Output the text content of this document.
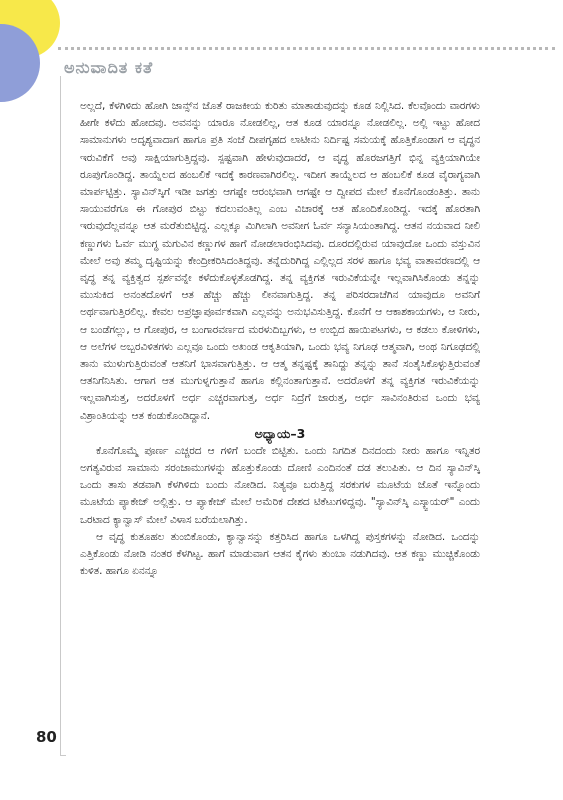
ಅನುವಾದಿತ ಕತೆ

ಅಲ್ಲದೆ, ಕೆಳಗಿಳಿದು ಹೋಗಿ ಜಾನ್ಸ್‌ನ ಜೊತೆ ರಾಜಕೀಯ ಕುರಿತು ಮಾತಾಡುವುದನ್ನು ಕೂಡ ನಿಲ್ಲಿಸಿದ. ಕೆಲವೊಂದು ವಾರಗಳು ಹೀಗೇ ಕಳೆದು ಹೋದವು. ಅವನನ್ನು ಯಾರೂ ನೋಡಲಿಲ್ಲ, ಆತ ಕೂಡ ಯಾರನ್ನೂ ನೋಡಲಿಲ್ಲ. ಅಲ್ಲಿ ಇಟ್ಟು ಹೋದ ಸಾಮಾನುಗಳು ಅದೃಶ್ಯವಾದಾಗ ಹಾಗೂ ಪ್ರತಿ ಸಂಜೆ ದೀಪಗೃಹದ ಲಾಟೀನು ನಿರ್ದಿಷ್ಟ ಸಮಯಕ್ಕೆ ಹೊತ್ತಿಕೊಂಡಾಗ ಆ ವೃದ್ಧನ ಇರುವಿಕೆಗೆ ಅವು ಸಾಕ್ಷಿಯಾಗುತ್ತಿದ್ದವು. ಸ್ಪಷ್ಟವಾಗಿ ಹೇಳುವುದಾದರೆ, ಆ ವೃದ್ಧ ಹೊರಜಗತ್ತಿಗೆ ಭಿನ್ನ ವ್ಯಕ್ತಿಯಾಗಿಯೇ ರೂಪುಗೊಂಡಿದ್ದ. ತಾಯ್ನೆಲದ ಹಂಬಲಿಕೆ ಇದಕ್ಕೆ ಕಾರಣವಾಗಿರಲಿಲ್ಲ. ಇದೀಗ ತಾಯ್ನೆಲದ ಆ ಹಂಬಲಿಕೆ ಕೂಡ ವೈರಾಗ್ಯವಾಗಿ ಮಾರ್ಪಟ್ಟಿತ್ತು. ಸ್ಯಾವಿನ್‌ಸ್ಕಿಗೆ ಇಡೀ ಜಗತ್ತು ಆಗಷ್ಟೇ ಆರಂಭವಾಗಿ ಆಗಷ್ಟೇ ಆ ದ್ವೀಪದ ಮೇಲೆ ಕೊನೆಗೊಂಡಂತಿತ್ತು. ತಾನು ಸಾಯುವರೆಗೂ ಈ ಗೋಪುರ ಬಿಟ್ಟು ಕದಲುವಂತಿಲ್ಲ ಎಂಬ ವಿಚಾರಕ್ಕೆ ಆತ ಹೊಂದಿಕೊಂಡಿದ್ದ. ಇದಕ್ಕೆ ಹೊರತಾಗಿ ಇರುವುದೆಲ್ಲವನ್ನೂ ಆತ ಮರೆತುಬಿಟ್ಟಿದ್ದ. ಎಲ್ಲಕ್ಕೂ ಮಿಗಿಲಾಗಿ ಅವನೀಗ ಓರ್ವ ಸನ್ಯಾಸಿಯಂತಾಗಿದ್ದ. ಆತನ ನಯವಾದ ನೀಲಿ ಕಣ್ಣುಗಳು ಓರ್ವ ಮುಗ್ಧ ಮಗುವಿನ ಕಣ್ಣುಗಳ ಹಾಗೆ ನೋಡಲಾರಂಭಿಸಿದವು. ದೂರದಲ್ಲಿರುವ ಯಾವುದೋ ಒಂದು ವಸ್ತುವಿನ ಮೇಲೆ ಅವು ತಮ್ಮ ದೃಷ್ಟಿಯನ್ನು ಕೇಂದ್ರೀಕರಿಸಿದಂತಿದ್ದವು. ತನ್ನೆದುರಿಗಿದ್ದ ಎಲ್ಲಿಲ್ಲದ ಸರಳ ಹಾಗೂ ಭವ್ಯ ವಾತಾವರಣದಲ್ಲಿ ಆ ವೃದ್ಧ ತನ್ನ ವ್ಯಕ್ತಿತ್ವದ ಸ್ಪರ್ಶವನ್ನೇ ಕಳೆದುಕೊಳ್ಳತೊಡಗಿದ್ದ. ತನ್ನ ವ್ಯಕ್ತಿಗತ ಇರುವಿಕೆಯನ್ನೇ ಇಲ್ಲವಾಗಿಸಿಕೊಂಡು ತನ್ನನ್ನು ಮುಸುಕಿದ ಅನಂತದೊಳಗೆ ಆತ ಹೆಚ್ಚು ಹೆಚ್ಚು ಲೀನವಾಗುತ್ತಿದ್ದ. ತನ್ನ ಪರಿಸರದಾಚೆಗಿನ ಯಾವುದೂ ಅವನಿಗೆ ಅರ್ಥವಾಗುತ್ತಿರಲಿಲ್ಲ. ಕೇವಲ ಅಪ್ರಜ್ಞಾಪೂರ್ವಕವಾಗಿ ಎಲ್ಲವನ್ನು ಅನುಭವಿಸುತ್ತಿದ್ದ. ಕೊನೆಗೆ ಆ ಆಕಾಶಕಾಯಗಳು, ಆ ನೀರು, ಆ ಬಂಡೆಗಲ್ಲು, ಆ ಗೋಪುರ, ಆ ಬಂಗಾರವರ್ಣದ ಮರಳುದಿಬ್ಬಗಳು, ಆ ಉಬ್ಬಿದ ಹಾಯಿಪಟಗಳು, ಆ ಕಡಲು ಕೋಳಿಗಳು, ಆ ಅಲೆಗಳ ಅಬ್ಬರವಿಳಿತಗಳು ಎಲ್ಲವೂ ಒಂದು ಅಖಂಡ ಆಕೃತಿಯಾಗಿ, ಒಂದು ಭವ್ಯ ನಿಗೂಢ ಆತ್ಮವಾಗಿ, ಅಂಥ ನಿಗೂಢದಲ್ಲಿ ತಾನು ಮುಳುಗುತ್ತಿರುವಂತೆ ಆತನಿಗೆ ಭಾಸವಾಗುತ್ತಿತ್ತು. ಆ ಆತ್ಮ ತನ್ನಷ್ಟಕ್ಕೆ ತಾನಿದ್ದು ತನ್ನನ್ನು ತಾನೆ ಸಂತೈಸಿಕೊಳ್ಳುತ್ತಿರುವಂತೆ ಆತನಿಗೆನಿಸಿತು. ಆಗಾಗ ಆತ ಮುಗುಳ್ನಗುತ್ತಾನೆ ಹಾಗೂ ಕಲ್ಲಿನಂತಾಗುತ್ತಾನೆ. ಅದರೊಳಗೆ ತನ್ನ ವ್ಯಕ್ತಿಗತ ಇರುವಿಕೆಯನ್ನು ಇಲ್ಲವಾಗಿಸುತ್ತ, ಅದರೊಳಗೆ ಅರ್ಧ ಎಚ್ಚರವಾಗುತ್ತ, ಅರ್ಧ ನಿದ್ರೆಗೆ ಜಾರುತ್ತ, ಅರ್ಧ ಸಾವಿನಂತಿರುವ ಒಂದು ಭವ್ಯ ವಿಶ್ರಾಂತಿಯನ್ನು ಆತ ಕಂಡುಕೊಂಡಿದ್ದಾನೆ.

ಅಧ್ಯಾಯ–3

ಕೊನೆಗೊಮ್ಮೆ ಪೂರ್ಣ ಎಚ್ಚರದ ಆ ಗಳಿಗೆ ಬಂದೇ ಬಿಟ್ಟಿತು. ಒಂದು ನಿಗದಿತ ದಿನದಂದು ನೀರು ಹಾಗೂ ಇನ್ನಿತರ ಅಗತ್ಯವಿರುವ ಸಾಮಾನು ಸರಂಜಾಮುಗಳನ್ನು ಹೊತ್ತುಕೊಂಡು ದೋಣಿ ಎಂದಿನಂತೆ ದಡ ತಲುಪಿತು. ಆ ದಿನ ಸ್ಯಾವಿನ್‌ಸ್ಕಿ ಒಂದು ತಾಸು ತಡವಾಗಿ ಕೆಳಗಿಳಿದು ಬಂದು ನೋಡಿದ. ನಿತ್ಯವೂ ಬರುತ್ತಿದ್ದ ಸರಕುಗಳ ಮೂಟೆಯ ಜೊತೆ ಇನ್ನೊಂದು ಮೂಟೆಯ ಪ್ಯಾಕೇಜ್ ಅಲ್ಲಿತ್ತು. ಆ ಪ್ಯಾಕೇಜ್ ಮೇಲೆ ಅಮೆರಿಕ ದೇಶದ ಟಿಕೆಟುಗಳಿದ್ದವು. "ಸ್ಯಾವಿನ್‌ಸ್ಕಿ ಎಸ್ಕ್ವಾಯರ್" ಎಂದು ಒರಟಾದ ಕ್ಯಾನ್ವಾಸ್ ಮೇಲೆ ವಿಳಾಸ ಬರೆಯಲಾಗಿತ್ತು.

ಆ ವೃದ್ಧ ಕುತೂಹಲ ತುಂಬಿಕೊಂಡು, ಕ್ಯಾನ್ವಾಸನ್ನು ಕತ್ತರಿಸಿದ ಹಾಗೂ ಒಳಗಿದ್ದ ಪುಸ್ತಕಗಳನ್ನು ನೋಡಿದ. ಒಂದನ್ನು ಎತ್ತಿಕೊಂಡು ನೋಡಿ ನಂತರ ಕೆಳಗಿಟ್ಟ. ಹಾಗೆ ಮಾಡುವಾಗ ಆತನ ಕೈಗಳು ತುಂಬಾ ನಡುಗಿದವು. ಆತ ಕಣ್ಣು ಮುಚ್ಚಿಕೊಂಡು ಕುಳಿತ. ಹಾಗೂ ಏನನ್ನೂ

80
